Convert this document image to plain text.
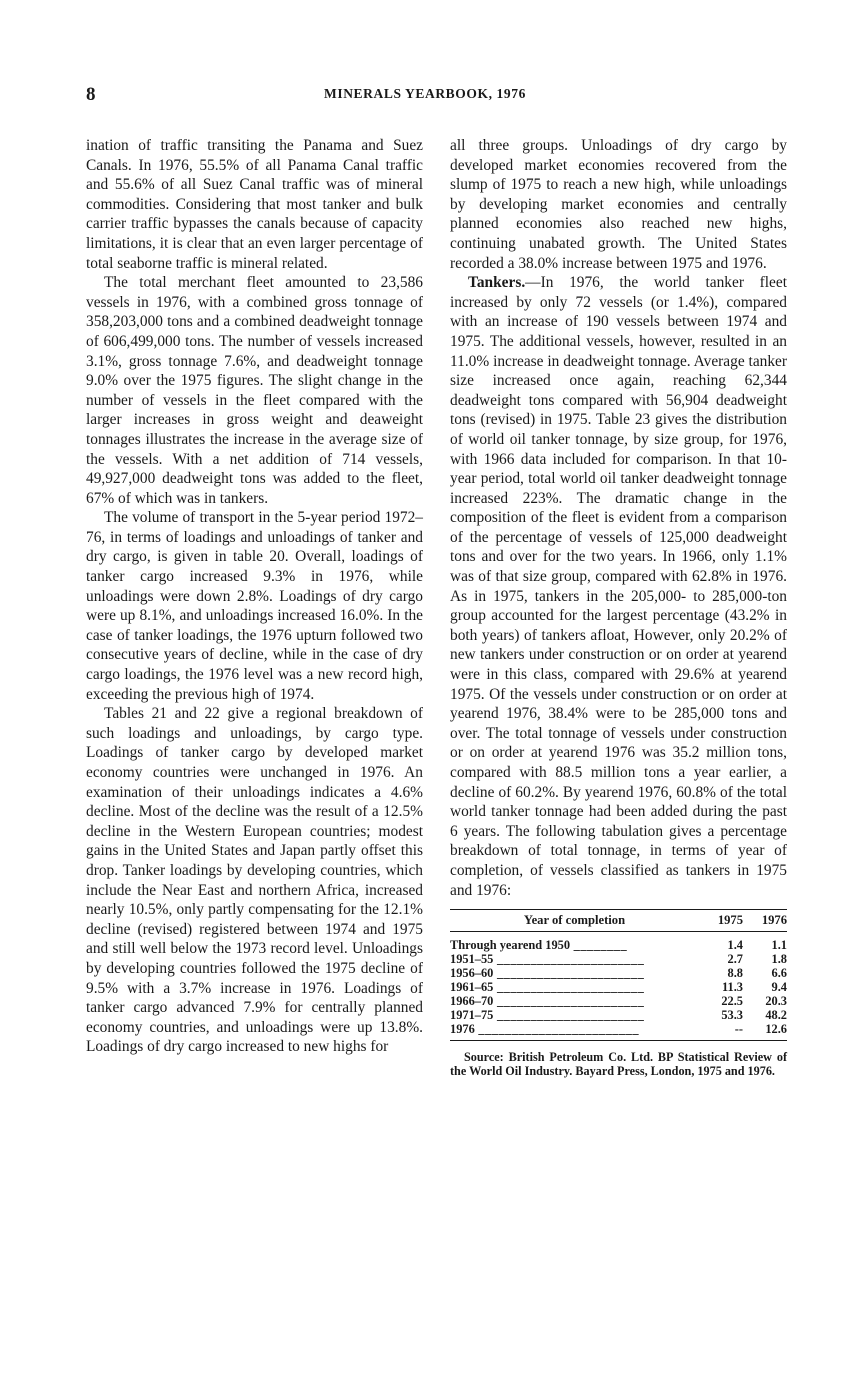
8	MINERALS YEARBOOK, 1976

ination of traffic transiting the Panama and Suez Canals. In 1976, 55.5% of all Panama Canal traffic and 55.6% of all Suez Canal traffic was of mineral commodities. Considering that most tanker and bulk carrier traffic bypasses the canals because of capacity limitations, it is clear that an even larger percentage of total seaborne traffic is mineral related.

The total merchant fleet amounted to 23,586 vessels in 1976, with a combined gross tonnage of 358,203,000 tons and a combined deadweight tonnage of 606,499,000 tons. The number of vessels increased 3.1%, gross tonnage 7.6%, and deadweight tonnage 9.0% over the 1975 figures. The slight change in the number of vessels in the fleet compared with the larger increases in gross weight and deaweight tonnages illustrates the increase in the average size of the vessels. With a net addition of 714 vessels, 49,927,000 deadweight tons was added to the fleet, 67% of which was in tankers.

The volume of transport in the 5-year period 1972–76, in terms of loadings and unloadings of tanker and dry cargo, is given in table 20. Overall, loadings of tanker cargo increased 9.3% in 1976, while unloadings were down 2.8%. Loadings of dry cargo were up 8.1%, and unloadings increased 16.0%. In the case of tanker loadings, the 1976 upturn followed two consecutive years of decline, while in the case of dry cargo loadings, the 1976 level was a new record high, exceeding the previous high of 1974.

Tables 21 and 22 give a regional breakdown of such loadings and unloadings, by cargo type. Loadings of tanker cargo by developed market economy countries were unchanged in 1976. An examination of their unloadings indicates a 4.6% decline. Most of the decline was the result of a 12.5% decline in the Western European countries; modest gains in the United States and Japan partly offset this drop. Tanker loadings by developing countries, which include the Near East and northern Africa, increased nearly 10.5%, only partly compensating for the 12.1% decline (revised) registered between 1974 and 1975 and still well below the 1973 record level. Unloadings by developing countries followed the 1975 decline of 9.5% with a 3.7% increase in 1976. Loadings of tanker cargo advanced 7.9% for centrally planned economy countries, and unloadings were up 13.8%. Loadings of dry cargo increased to new highs for

all three groups. Unloadings of dry cargo by developed market economies recovered from the slump of 1975 to reach a new high, while unloadings by developing market economies and centrally planned economies also reached new highs, continuing unabated growth. The United States recorded a 38.0% increase between 1975 and 1976.

Tankers.—In 1976, the world tanker fleet increased by only 72 vessels (or 1.4%), compared with an increase of 190 vessels between 1974 and 1975. The additional vessels, however, resulted in an 11.0% increase in deadweight tonnage. Average tanker size increased once again, reaching 62,344 deadweight tons compared with 56,904 deadweight tons (revised) in 1975. Table 23 gives the distribution of world oil tanker tonnage, by size group, for 1976, with 1966 data included for comparison. In that 10-year period, total world oil tanker deadweight tonnage increased 223%. The dramatic change in the composition of the fleet is evident from a comparison of the percentage of vessels of 125,000 deadweight tons and over for the two years. In 1966, only 1.1% was of that size group, compared with 62.8% in 1976. As in 1975, tankers in the 205,000- to 285,000-ton group accounted for the largest percentage (43.2% in both years) of tankers afloat, However, only 20.2% of new tankers under construction or on order at yearend were in this class, compared with 29.6% at yearend 1975. Of the vessels under construction or on order at yearend 1976, 38.4% were to be 285,000 tons and over. The total tonnage of vessels under construction or on order at yearend 1976 was 35.2 million tons, compared with 88.5 million tons a year earlier, a decline of 60.2%. By yearend 1976, 60.8% of the total world tanker tonnage had been added during the past 6 years. The following tabulation gives a percentage breakdown of total tonnage, in terms of year of completion, of vessels classified as tankers in 1975 and 1976:

Year of completion	1975	1976
Through yearend 1950 ________	1.4	1.1
1951–55 ______________________	2.7	1.8
1956–60 ______________________	8.8	6.6
1961–65 ______________________	11.3	9.4
1966–70 ______________________	22.5	20.3
1971–75 ______________________	53.3	48.2
1976 ________________________	--	12.6
Source: British Petroleum Co. Ltd. BP Statistical Review of the World Oil Industry. Bayard Press, London, 1975 and 1976.
